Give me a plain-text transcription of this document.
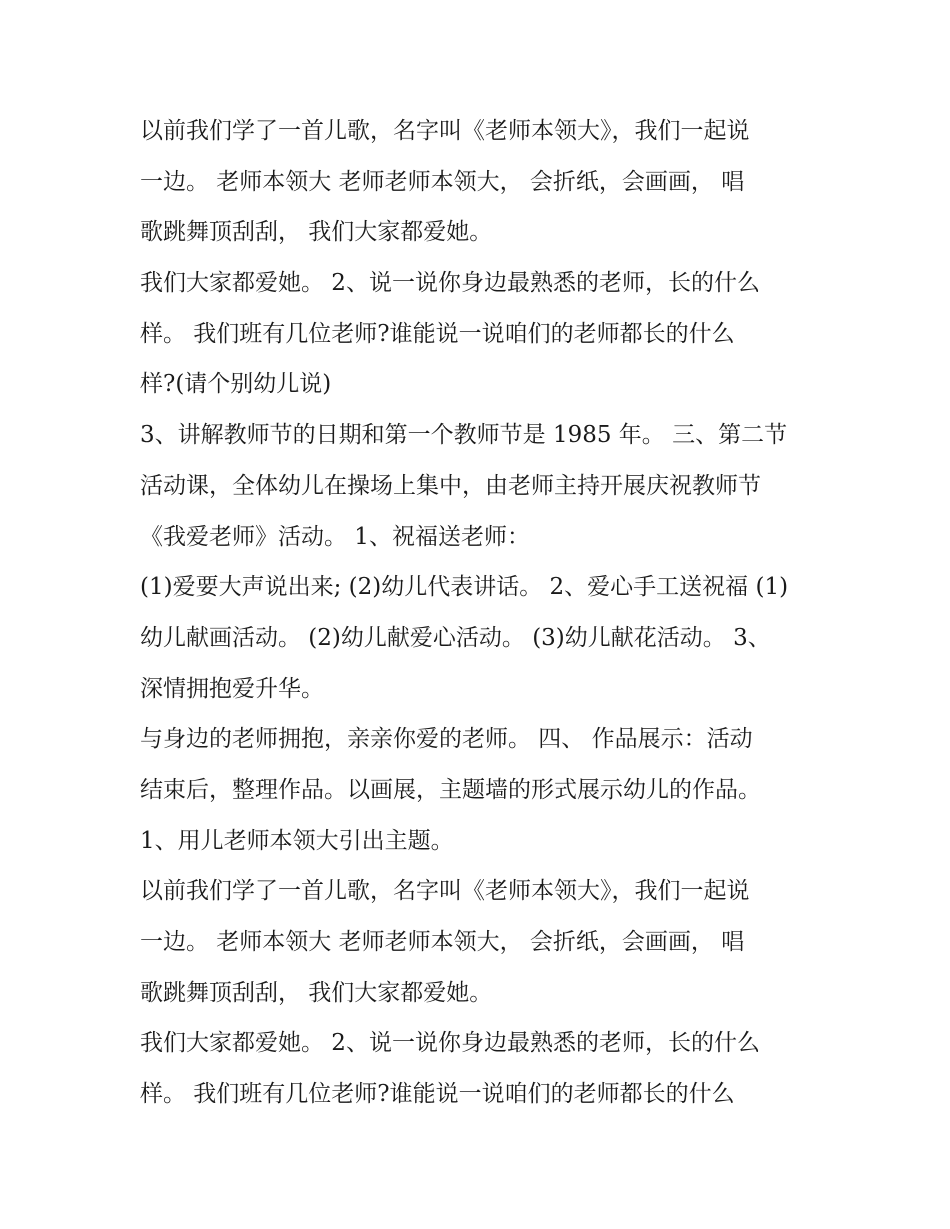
以前我们学了一首儿歌，名字叫《老师本领大》，我们一起说
一边。 老师本领大 老师老师本领大， 会折纸，会画画， 唱
歌跳舞顶刮刮， 我们大家都爱她。
我们大家都爱她。 2、说一说你身边最熟悉的老师，长的什么
样。 我们班有几位老师?谁能说一说咱们的老师都长的什么
样?(请个别幼儿说)
3、讲解教师节的日期和第一个教师节是 1985 年。 三、第二节
活动课，全体幼儿在操场上集中，由老师主持开展庆祝教师节
《我爱老师》活动。 1、祝福送老师：
(1)爱要大声说出来; (2)幼儿代表讲话。 2、爱心手工送祝福 (1)
幼儿献画活动。 (2)幼儿献爱心活动。 (3)幼儿献花活动。 3、
深情拥抱爱升华。
与身边的老师拥抱，亲亲你爱的老师。 四、 作品展示：活动
结束后，整理作品。以画展，主题墙的形式展示幼儿的作品。
1、用儿老师本领大引出主题。
以前我们学了一首儿歌，名字叫《老师本领大》，我们一起说
一边。 老师本领大 老师老师本领大， 会折纸，会画画， 唱
歌跳舞顶刮刮， 我们大家都爱她。
我们大家都爱她。 2、说一说你身边最熟悉的老师，长的什么
样。 我们班有几位老师?谁能说一说咱们的老师都长的什么
